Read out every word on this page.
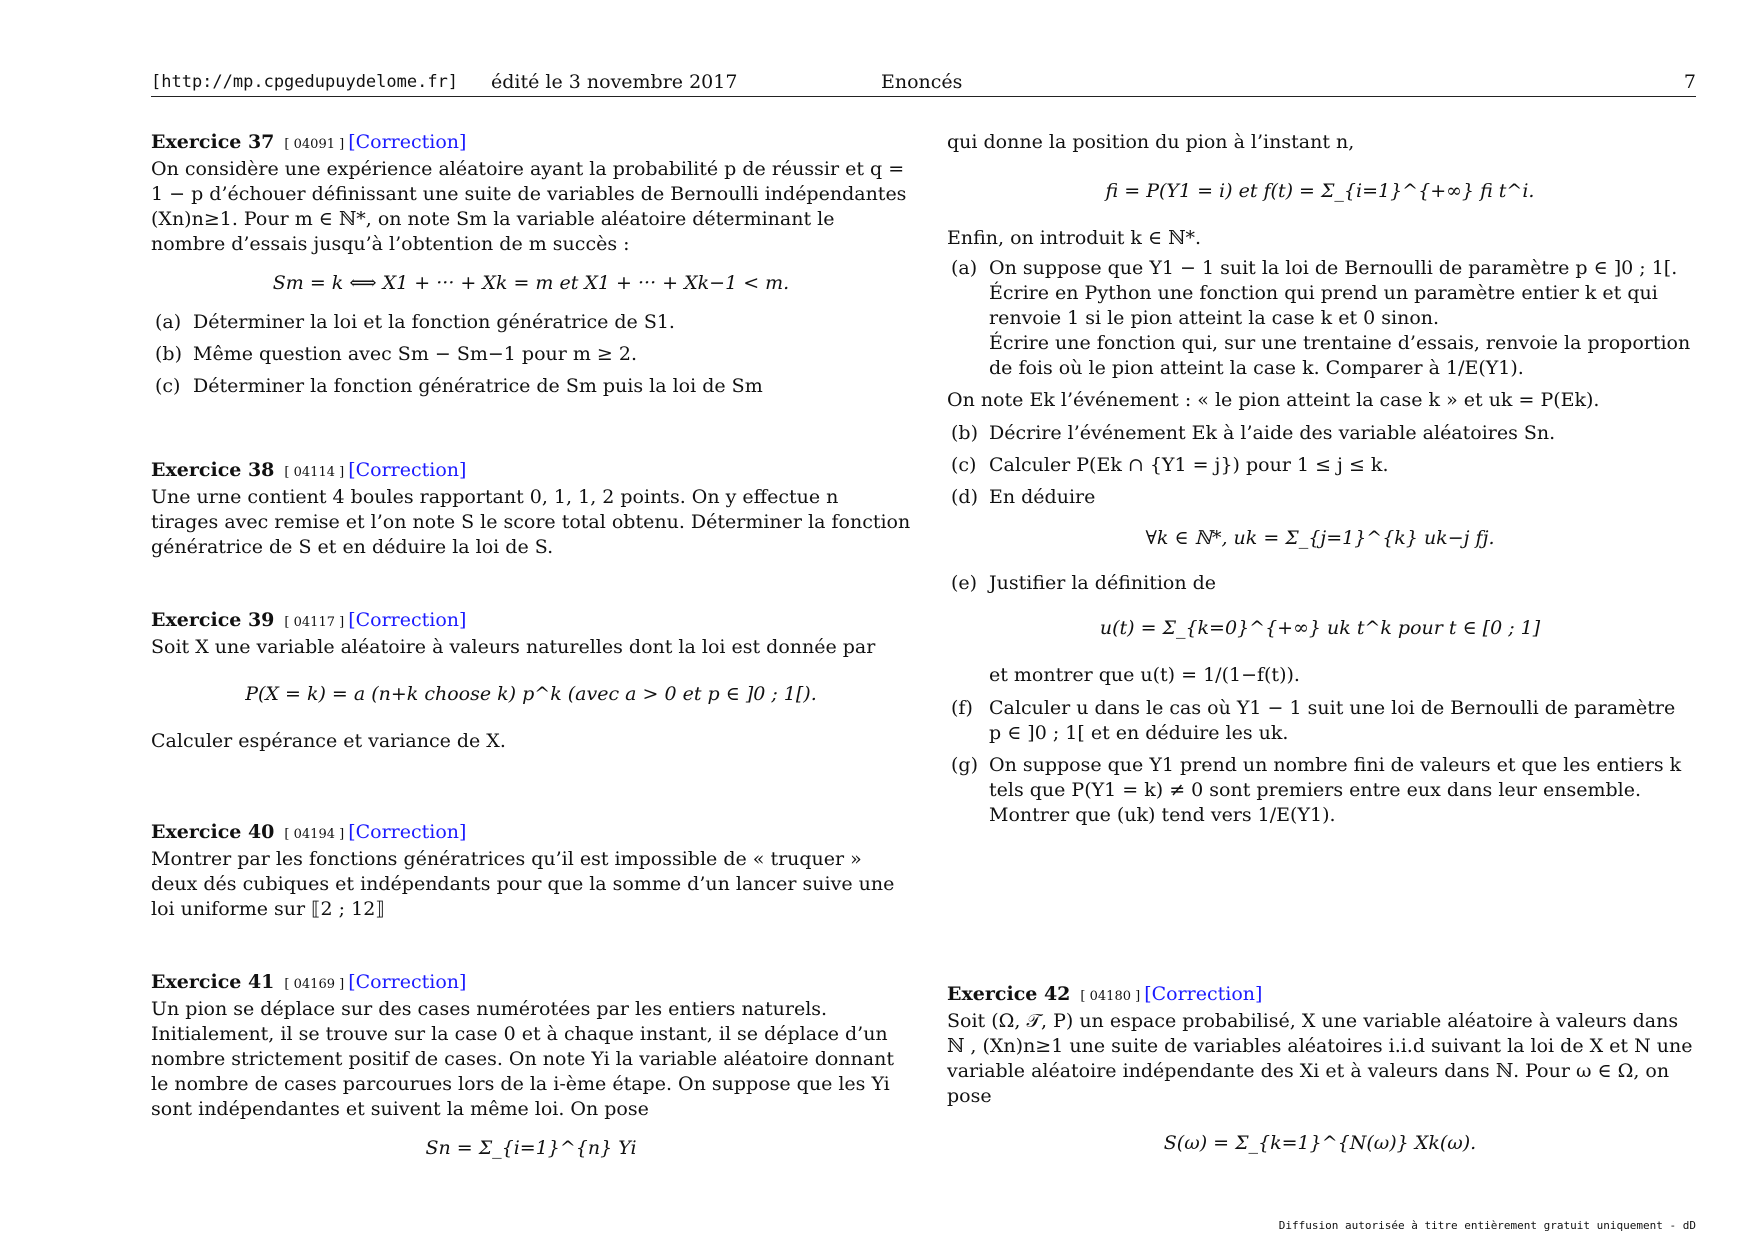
[http://mp.cpgedupuydelome.fr] édité le 3 novembre 2017	Enoncés	7
Exercice 37 [ 04091 ] [Correction]

On considère une expérience aléatoire ayant la probabilité p de réussir et q = 1 − p d’échouer définissant une suite de variables de Bernoulli indépendantes (Xn)n≥1. Pour m ∈ ℕ*, on note Sm la variable aléatoire déterminant le nombre d’essais jusqu’à l’obtention de m succès :

Sm = k ⟺ X1 + ··· + Xk = m et X1 + ··· + Xk−1 < m.
(a) Déterminer la loi et la fonction génératrice de S1.
(b) Même question avec Sm − Sm−1 pour m ≥ 2.
(c) Déterminer la fonction génératrice de Sm puis la loi de Sm
Exercice 38 [ 04114 ] [Correction]

Une urne contient 4 boules rapportant 0, 1, 1, 2 points. On y effectue n tirages avec remise et l’on note S le score total obtenu. Déterminer la fonction génératrice de S et en déduire la loi de S.

Exercice 39 [ 04117 ] [Correction]

Soit X une variable aléatoire à valeurs naturelles dont la loi est donnée par

P(X = k) = a (n+k choose k) p^k (avec a > 0 et p ∈ ]0 ; 1[).

Calculer espérance et variance de X.

Exercice 40 [ 04194 ] [Correction]

Montrer par les fonctions génératrices qu’il est impossible de « truquer » deux dés cubiques et indépendants pour que la somme d’un lancer suive une loi uniforme sur ⟦2 ; 12⟧

Exercice 41 [ 04169 ] [Correction]

Un pion se déplace sur des cases numérotées par les entiers naturels. Initialement, il se trouve sur la case 0 et à chaque instant, il se déplace d’un nombre strictement positif de cases. On note Yi la variable aléatoire donnant le nombre de cases parcourues lors de la i-ème étape. On suppose que les Yi sont indépendantes et suivent la même loi. On pose

Sn = Σ_{i=1}^{n} Yi

qui donne la position du pion à l’instant n,

fi = P(Y1 = i) et f(t) = Σ_{i=1}^{+∞} fi t^i.

Enfin, on introduit k ∈ ℕ*.

(a) On suppose que Y1 − 1 suit la loi de Bernoulli de paramètre p ∈ ]0 ; 1[.

Écrire en Python une fonction qui prend un paramètre entier k et qui renvoie 1 si le pion atteint la case k et 0 sinon.

Écrire une fonction qui, sur une trentaine d’essais, renvoie la proportion de fois où le pion atteint la case k. Comparer à 1/E(Y1).

On note Ek l’événement : « le pion atteint la case k » et uk = P(Ek).

(b) Décrire l’événement Ek à l’aide des variable aléatoires Sn.
(c) Calculer P(Ek ∩ {Y1 = j}) pour 1 ≤ j ≤ k.
(d) En déduire
∀k ∈ ℕ*, uk = Σ_{j=1}^{k} uk−j fj.
(e) Justifier la définition de
u(t) = Σ_{k=0}^{+∞} uk t^k pour t ∈ [0 ; 1]

et montrer que u(t) = 1/(1−f(t)).

(f) Calculer u dans le cas où Y1 − 1 suit une loi de Bernoulli de paramètre p ∈ ]0 ; 1[ et en déduire les uk.
(g) On suppose que Y1 prend un nombre fini de valeurs et que les entiers k tels que P(Y1 = k) ≠ 0 sont premiers entre eux dans leur ensemble. Montrer que (uk) tend vers 1/E(Y1).
Exercice 42 [ 04180 ] [Correction]

Soit (Ω, 𝒯, P) un espace probabilisé, X une variable aléatoire à valeurs dans ℕ , (Xn)n≥1 une suite de variables aléatoires i.i.d suivant la loi de X et N une variable aléatoire indépendante des Xi et à valeurs dans ℕ. Pour ω ∈ Ω, on pose

S(ω) = Σ_{k=1}^{N(ω)} Xk(ω).
Diffusion autorisée à titre entièrement gratuit uniquement - dD
